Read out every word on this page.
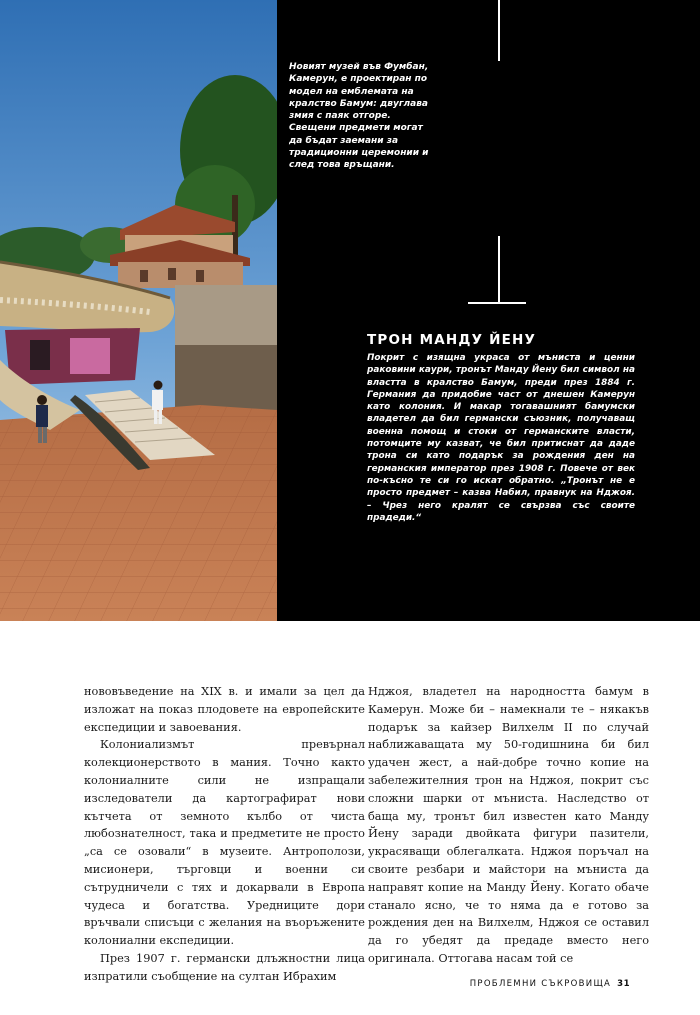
Новият музей във Фумбан, Камерун, е проектиран по модел на емблемата на кралство Бамум: двуглава змия с паяк отгоре. Свещени предмети могат да бъдат заемани за традиционни церемонии и след това връщани.

ТРОН МАНДУ ЙЕНУ

Покрит с изящна украса от мъниста и ценни раковини каури, тронът Манду Йену бил символ на властта в кралство Бамум, преди през 1884 г. Германия да придобие част от днешен Камерун като колония. И макар тогавашният бамумски владетел да бил германски съюзник, получаващ военна помощ и стоки от германските власти, потомците му казват, че бил притиснат да даде трона си като подарък за рождения ден на германския император през 1908 г. Повече от век по-късно те си го искат обратно. „Тронът не е просто предмет – казва Набил, правнук на Нджоя. – Чрез него кралят се свързва със своите прадеди.“

нововъведение на XIX в. и имали за цел да изложат на показ плодовете на европейските експедиции и завоевания.

Колониализмът превърнал колекционерството в мания. Точно както колониалните сили не изпращали изследователи да картографират нови кътчета от земното кълбо от чиста любознателност, така и предметите не просто „са се озовали“ в музеите. Антрополози, мисионери, търговци и военни си сътрудничели с тях и докарвали в Европа чудеса и богатства. Уредниците дори връчвали списъци с желания на въоръжените колониални експедиции.

През 1907 г. германски длъжностни лица изпратили съобщение на султан Ибрахим

Нджоя, владетел на народността бамум в Камерун. Може би – намекнали те – някакъв подарък за кайзер Вилхелм II по случай наближаващата му 50-годишнина би бил удачен жест, а най-добре точно копие на забележителния трон на Нджоя, покрит със сложни шарки от мъниста. Наследство от баща му, тронът бил известен като Манду Йену заради двойката фигури пазители, украсяващи облегалката. Нджоя поръчал на своите резбари и майстори на мъниста да направят копие на Манду Йену. Когато обаче станало ясно, че то няма да е готово за рождения ден на Вилхелм, Нджоя се оставил да го убедят да предаде вместо него оригинала. Оттогава насам той се

ПРОБЛЕМНИ СЪКРОВИЩА 31
